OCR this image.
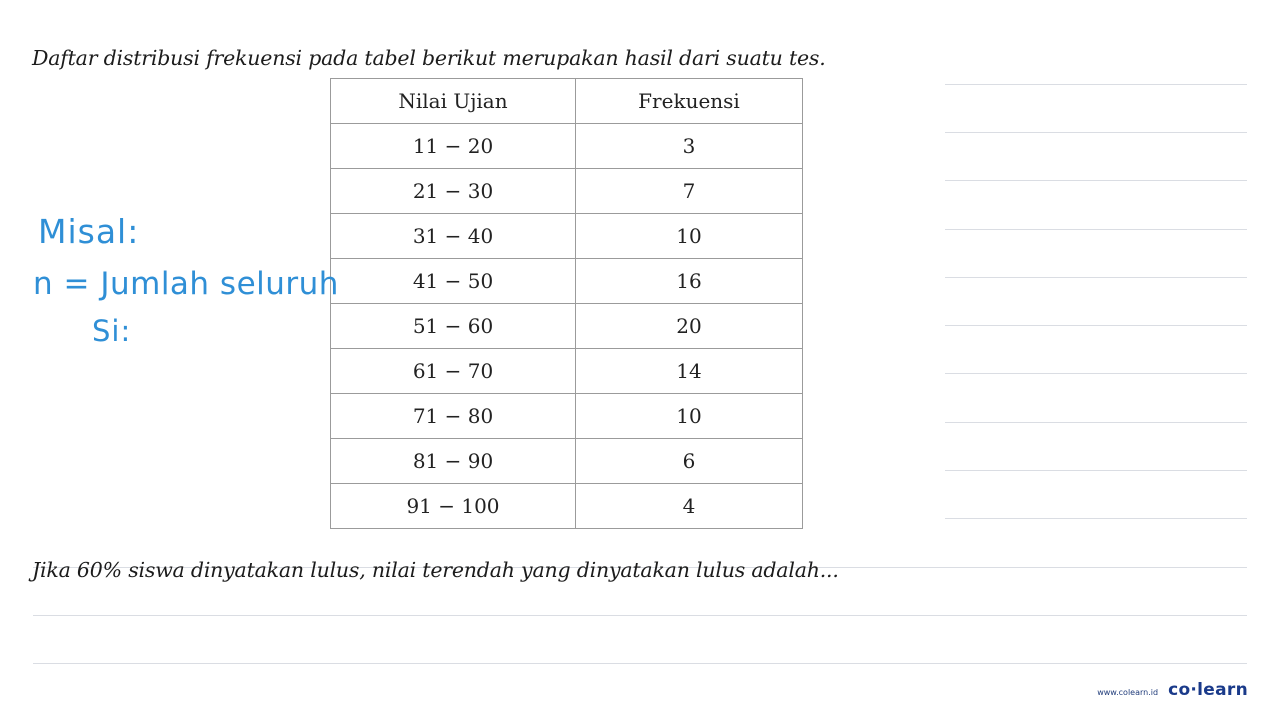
Daftar distribusi frekuensi pada tabel berikut merupakan hasil dari suatu tes.
Nilai Ujian	Frekuensi
11 − 20	3
21 − 30	7
31 − 40	10
41 − 50	16
51 − 60	20
61 − 70	14
71 − 80	10
81 − 90	6
91 − 100	4
Misal:
n = Jumlah seluruh
Si:
Jika 60% siswa dinyatakan lulus, nilai terendah yang dinyatakan lulus adalah...
www.colearn.id co·learn
